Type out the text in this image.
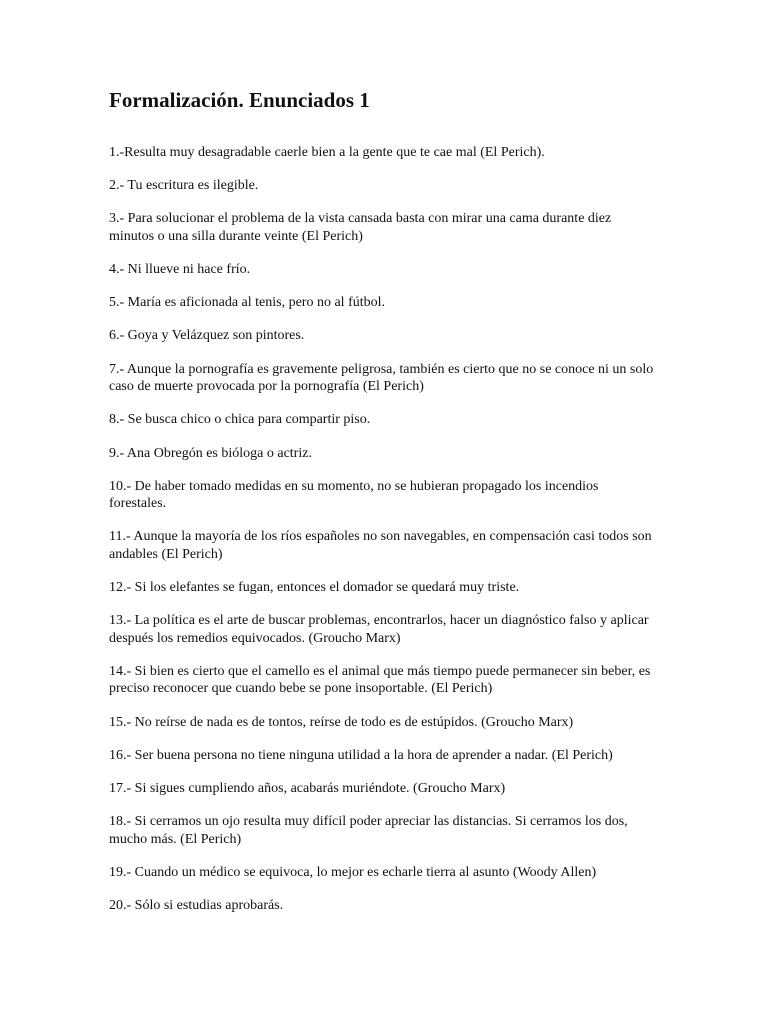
Formalización. Enunciados 1
1.-Resulta muy desagradable caerle bien a la gente que te cae mal (El Perich).
2.- Tu escritura es ilegible.
3.- Para solucionar el problema de la vista cansada basta con mirar una cama durante diez minutos o una silla durante veinte (El Perich)
4.- Ni llueve ni hace frío.
5.- María es aficionada al tenis, pero no al fútbol.
6.- Goya y Velázquez son pintores.
7.- Aunque la pornografía es gravemente peligrosa, también es cierto que no se conoce ni un solo caso de muerte provocada por la pornografía (El Perich)
8.- Se busca chico o chica para compartir piso.
9.- Ana Obregón es bióloga o actriz.
10.- De haber tomado medidas en su momento, no se hubieran propagado los incendios forestales.
11.- Aunque la mayoría de los ríos españoles no son navegables, en compensación casi todos son andables (El Perich)
12.- Si los elefantes se fugan, entonces el domador se quedará muy triste.
13.- La política es el arte de buscar problemas, encontrarlos, hacer un diagnóstico falso y aplicar después los remedios equivocados. (Groucho Marx)
14.- Si bien es cierto que el camello es el animal que más tiempo puede permanecer sin beber, es preciso reconocer que cuando bebe se pone insoportable. (El Perich)
15.- No reírse de nada es de tontos, reírse de todo es de estúpidos. (Groucho Marx)
16.- Ser buena persona no tiene ninguna utilidad a la hora de aprender a nadar. (El Perich)
17.- Si sigues cumpliendo años, acabarás muriéndote. (Groucho Marx)
18.- Si cerramos un ojo resulta muy difícil poder apreciar las distancias. Si cerramos los dos, mucho más. (El Perich)
19.- Cuando un médico se equivoca, lo mejor es echarle tierra al asunto (Woody Allen)
20.- Sólo si estudias aprobarás.
